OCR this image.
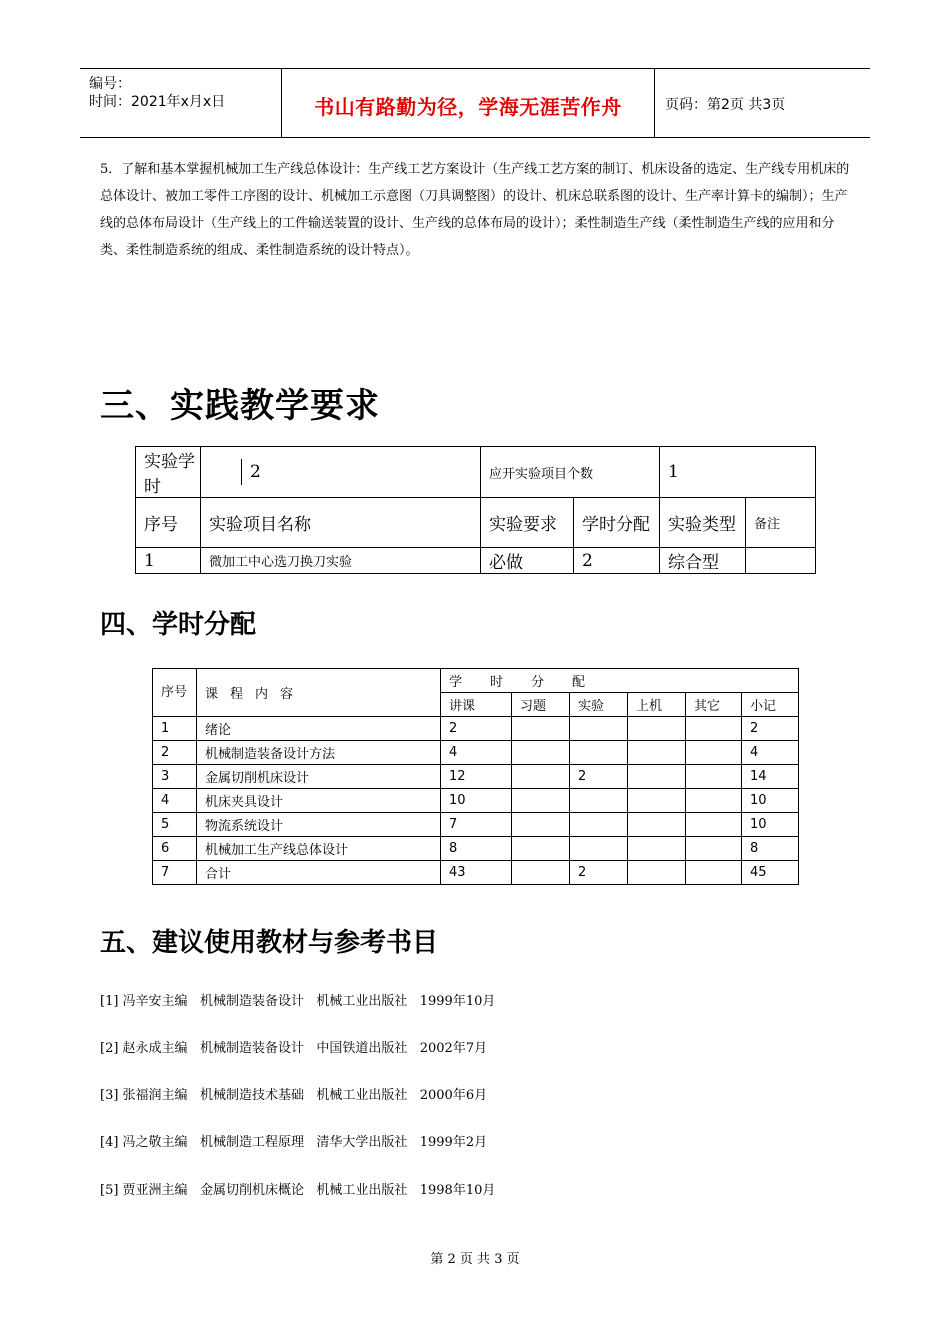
编号：
时间：2021年x月x日	书山有路勤为径，学海无涯苦作舟	页码：第2页 共3页
5．了解和基本掌握机械加工生产线总体设计：生产线工艺方案设计（生产线工艺方案的制订、机床设备的选定、生产线专用机床的总体设计、被加工零件工序图的设计、机械加工示意图（刀具调整图）的设计、机床总联系图的设计、生产率计算卡的编制）；生产线的总体布局设计（生产线上的工件输送装置的设计、生产线的总体布局的设计）；柔性制造生产线（柔性制造生产线的应用和分类、柔性制造系统的组成、柔性制造系统的设计特点）。
三、实践教学要求
实验学时	2	应开实验项目个数		1	
序号	实验项目名称	实验要求	学时分配	实验类型	备注
1	微加工中心选刀换刀实验	必做	2	综合型	
四、学时分配
序号	课程内容	学时分配					
		讲课	习题	实验	上机	其它	小记
1	绪论	2					2
2	机械制造装备设计方法	4					4
3	金属切削机床设计	12		2			14
4	机床夹具设计	10					10
5	物流系统设计	7					10
6	机械加工生产线总体设计	8					8
7	合计	43		2			45
五、建议使用教材与参考书目
[1] 冯辛安主编   机械制造装备设计   机械工业出版社   1999年10月
[2] 赵永成主编   机械制造装备设计   中国铁道出版社   2002年7月
[3] 张福润主编   机械制造技术基础   机械工业出版社   2000年6月
[4] 冯之敬主编   机械制造工程原理   清华大学出版社   1999年2月
[5] 贾亚洲主编   金属切削机床概论   机械工业出版社   1998年10月
第 2 页 共 3 页
